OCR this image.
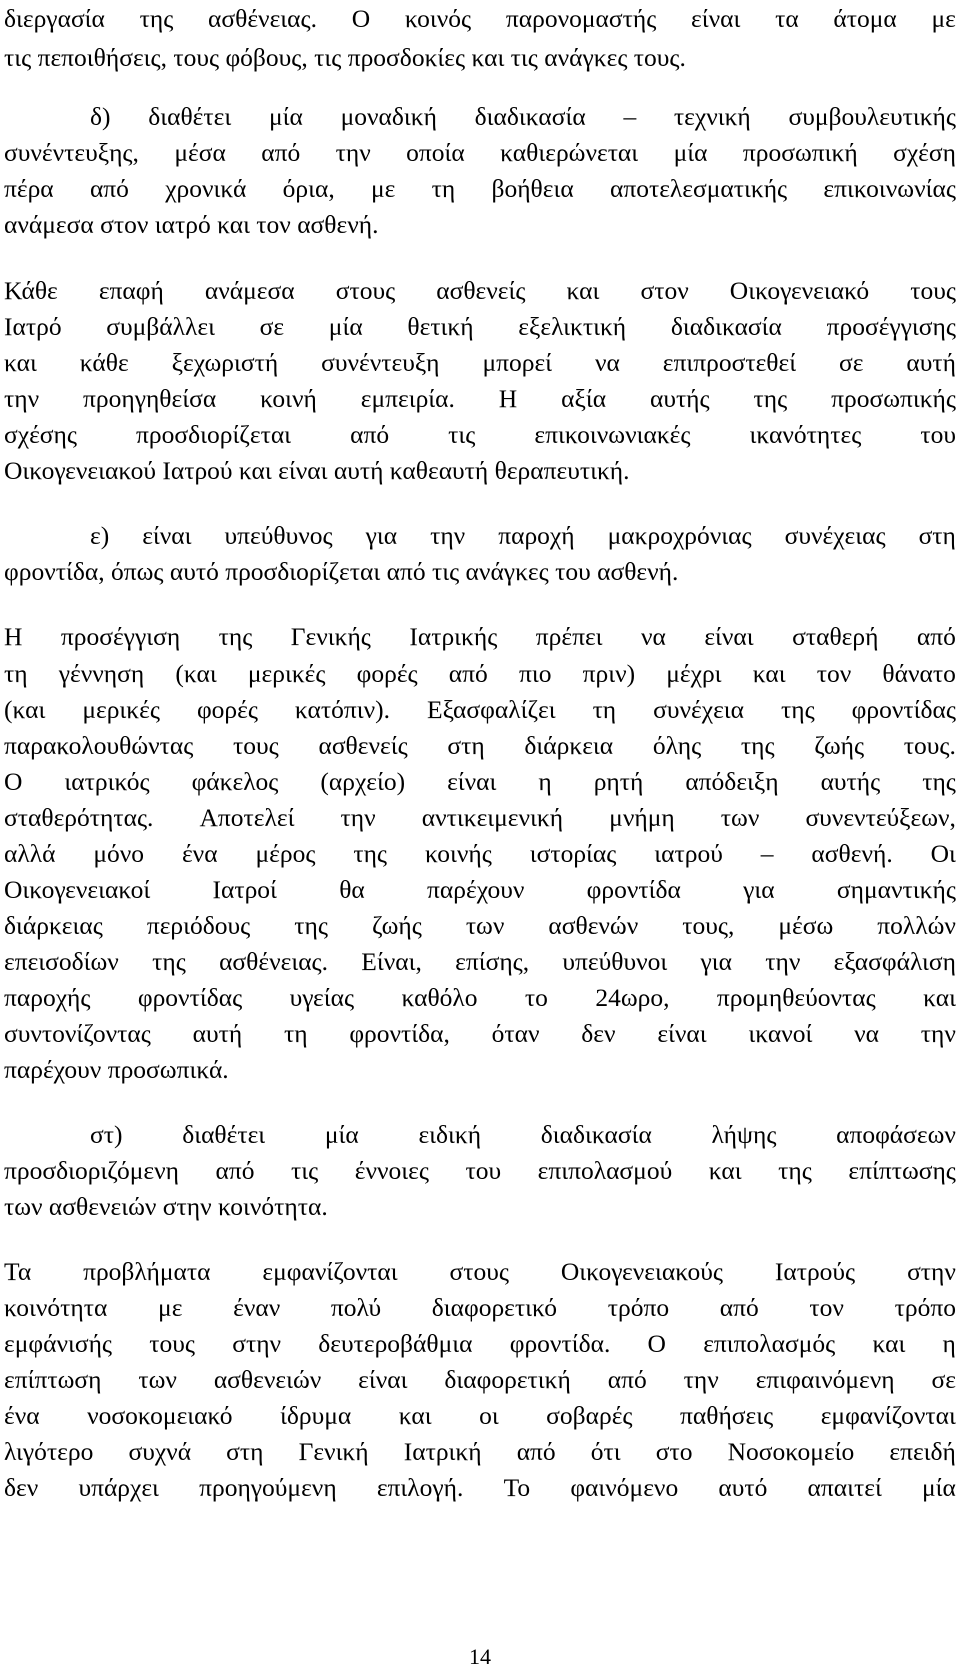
διεργασία της ασθένειας. Ο κοινός παρονομαστής είναι τα άτομα με
τις πεποιθήσεις, τους φόβους, τις προσδοκίες και τις ανάγκες τους.
δ) διαθέτει μία μοναδική διαδικασία – τεχνική συμβουλευτικής
συνέντευξης, μέσα από την οποία καθιερώνεται μία προσωπική σχέση
πέρα από χρονικά όρια, με τη βοήθεια αποτελεσματικής επικοινωνίας
ανάμεσα στον ιατρό και τον ασθενή.
Κάθε επαφή ανάμεσα στους ασθενείς και στον Οικογενειακό τους
Ιατρό συμβάλλει σε μία θετική εξελικτική διαδικασία προσέγγισης
και κάθε ξεχωριστή συνέντευξη μπορεί να επιπροστεθεί σε αυτή
την προηγηθείσα κοινή εμπειρία. Η αξία αυτής της προσωπικής
σχέσης προσδιορίζεται από τις επικοινωνιακές ικανότητες του
Οικογενειακού Ιατρού και είναι αυτή καθεαυτή θεραπευτική.
ε) είναι υπεύθυνος για την παροχή μακροχρόνιας συνέχειας στη
φροντίδα, όπως αυτό προσδιορίζεται από τις ανάγκες του ασθενή.
Η προσέγγιση της Γενικής Ιατρικής πρέπει να είναι σταθερή από
τη γέννηση (και μερικές φορές από πιο πριν) μέχρι και τον θάνατο
(και μερικές φορές κατόπιν). Εξασφαλίζει τη συνέχεια της φροντίδας
παρακολουθώντας τους ασθενείς στη διάρκεια όλης της ζωής τους.
Ο ιατρικός φάκελος (αρχείο) είναι η ρητή απόδειξη αυτής της
σταθερότητας. Αποτελεί την αντικειμενική μνήμη των συνεντεύξεων,
αλλά μόνο ένα μέρος της κοινής ιστορίας ιατρού – ασθενή. Οι
Οικογενειακοί Ιατροί θα παρέχουν φροντίδα για σημαντικής
διάρκειας περιόδους της ζωής των ασθενών τους, μέσω πολλών
επεισοδίων της ασθένειας. Είναι, επίσης, υπεύθυνοι για την εξασφάλιση
παροχής φροντίδας υγείας καθόλο το 24ωρο, προμηθεύοντας και
συντονίζοντας αυτή τη φροντίδα, όταν δεν είναι ικανοί να την
παρέχουν προσωπικά.
στ) διαθέτει μία ειδική διαδικασία λήψης αποφάσεων
προσδιοριζόμενη από τις έννοιες του επιπολασμού και της επίπτωσης
των ασθενειών στην κοινότητα.
Τα προβλήματα εμφανίζονται στους Οικογενειακούς Ιατρούς στην
κοινότητα με έναν πολύ διαφορετικό τρόπο από τον τρόπο
εμφάνισής τους στην δευτεροβάθμια φροντίδα. Ο επιπολασμός και η
επίπτωση των ασθενειών είναι διαφορετική από την επιφαινόμενη σε
ένα νοσοκομειακό ίδρυμα και οι σοβαρές παθήσεις εμφανίζονται
λιγότερο συχνά στη Γενική Ιατρική από ότι στο Νοσοκομείο επειδή
δεν υπάρχει προηγούμενη επιλογή. Το φαινόμενο αυτό απαιτεί μία
14
